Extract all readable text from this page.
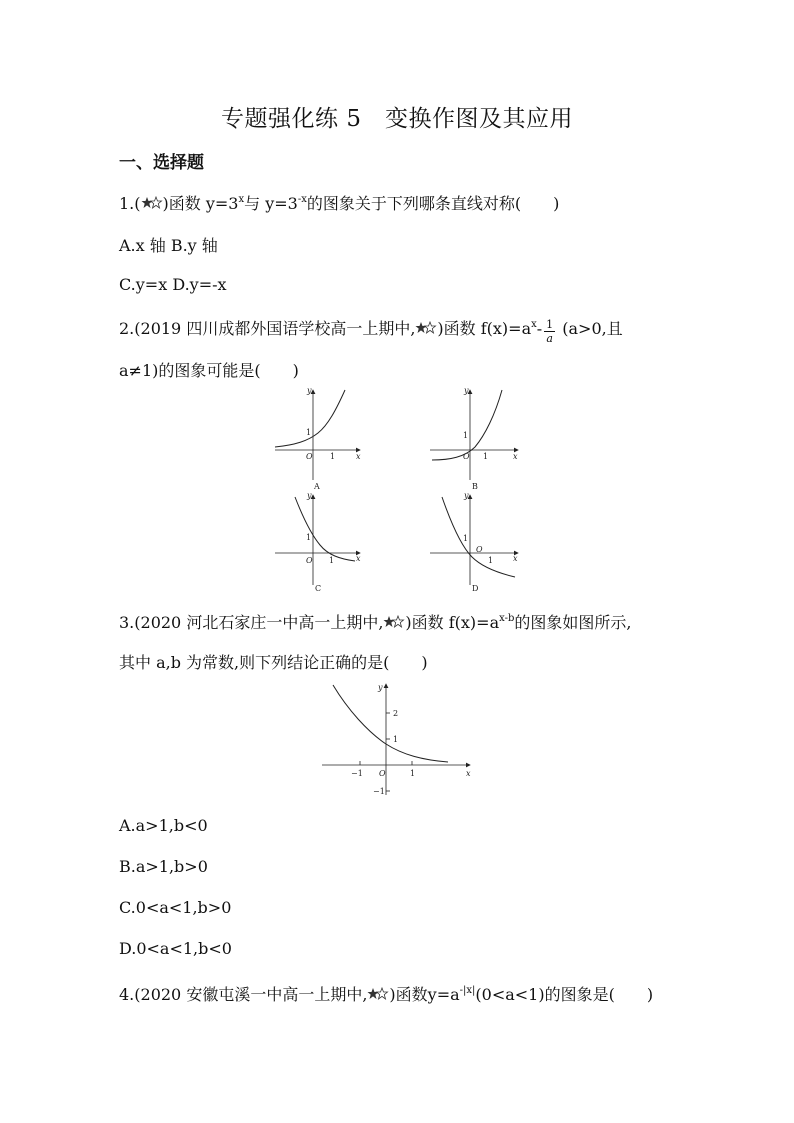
专题强化练 5　变换作图及其应用
一、选择题
1.( )函数 $y=3^x$与 $y=3^{-x}$的图象关于下列哪条直线对称(　　)
A.x 轴 B.y 轴
C.y=x D.y=-x
2.(2019 四川成都外国语学校高一上期中, )函数 $f(x)=a^x- \frac{1}{a} (a>0$,且
a≠1)的图象可能是(　　)
y
x
O 1
1
A
y
x
O 1
1
B
y
x
O 1
1
C
y
x
O
1
1
D
3.(2020 河北石家庄一中高一上期中, )函数 $f(x)=a^{x-b}$的图象如图所示,
其中 a,b 为常数,则下列结论正确的是(　　)
y
x
O
2
1
−1
−1	1
A.a>1,b<0
B.a>1,b>0
C.0<a<1,b>0
D.0<a<1,b<0
4.(2020 安徽屯溪一中高一上期中, )函数$y=a^{-|x|}(0<a<1)$的图象是(　　)
